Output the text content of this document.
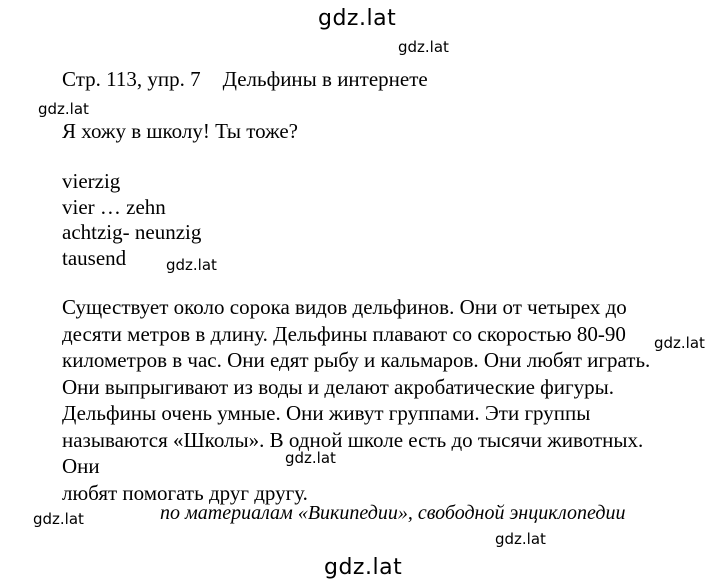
gdz.lat
gdz.lat
Стр. 113, упр. 7 Дельфины в интернете
gdz.lat
Я хожу в школу! Ты тоже?
vierzig
vier … zehn
achtzig- neunzig
tausend	gdz.lat
Существует около сорока видов дельфинов. Они от четырех до
десяти метров в длину. Дельфины плавают со скоростью 80-90
километров в час. Они едят рыбу и кальмаров. Они любят играть.
Они выпрыгивают из воды и делают акробатические фигуры.
Дельфины очень умные. Они живут группами. Эти группы
называются «Школы». В одной школе есть до тысячи животных.
Они
любят помогать друг другу.
gdz.lat
gdz.lat
по материалам «Википедии», свободной энциклопедии
gdz.lat
gdz.lat
gdz.lat
